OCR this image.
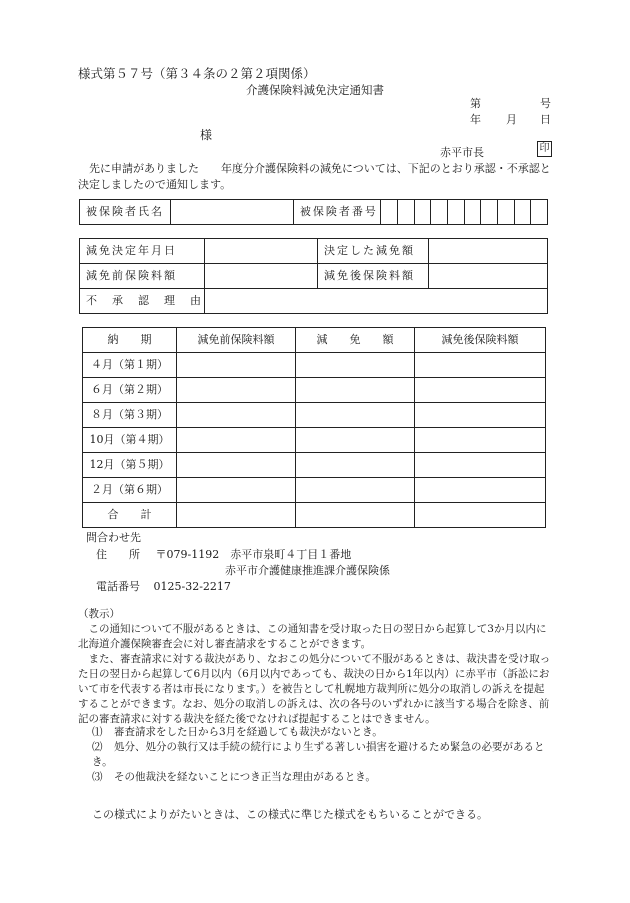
様式第５７号（第３４条の２第２項関係）
介護保険料減免決定通知書
第	号
年 月 日
様
赤平市長	印
　先に申請がありました　　年度分介護保険料の減免については、下記のとおり承認・不承認と決定しましたので通知します。
被保険者氏名		被保険者番号										
減免決定年月日		決定した減免額	
減免前保険料額		減免後保険料額	
不　承　認　理　由			
納　　期	減免前保険料額	減　　免　　額	減免後保険料額
４月（第１期）			
６月（第２期）			
８月（第３期）			
10月（第４期）			
12月（第５期）			
２月（第６期）			
合　　計			
問合わせ先
住　　所 〒079-1192　赤平市泉町４丁目１番地
赤平市介護健康推進課介護保険係
電話番号 0125-32-2217
（教示）
　この通知について不服があるときは、この通知書を受け取った日の翌日から起算して3か月以内に北海道介護保険審査会に対し審査請求をすることができます。
　また、審査請求に対する裁決があり、なおこの処分について不服があるときは、裁決書を受け取った日の翌日から起算して6月以内（6月以内であっても、裁決の日から1年以内）に赤平市（訴訟において市を代表する者は市長になります。）を被告として札幌地方裁判所に処分の取消しの訴えを提起することができます。なお、処分の取消しの訴えは、次の各号のいずれかに該当する場合を除き、前記の審査請求に対する裁決を経た後でなければ提起することはできません。
⑴ 審査請求をした日から3月を経過しても裁決がないとき。
⑵ 処分、処分の執行又は手続の続行により生ずる著しい損害を避けるため緊急の必要があるとき。
⑶ その他裁決を経ないことにつき正当な理由があるとき。
この様式によりがたいときは、この様式に準じた様式をもちいることができる。
